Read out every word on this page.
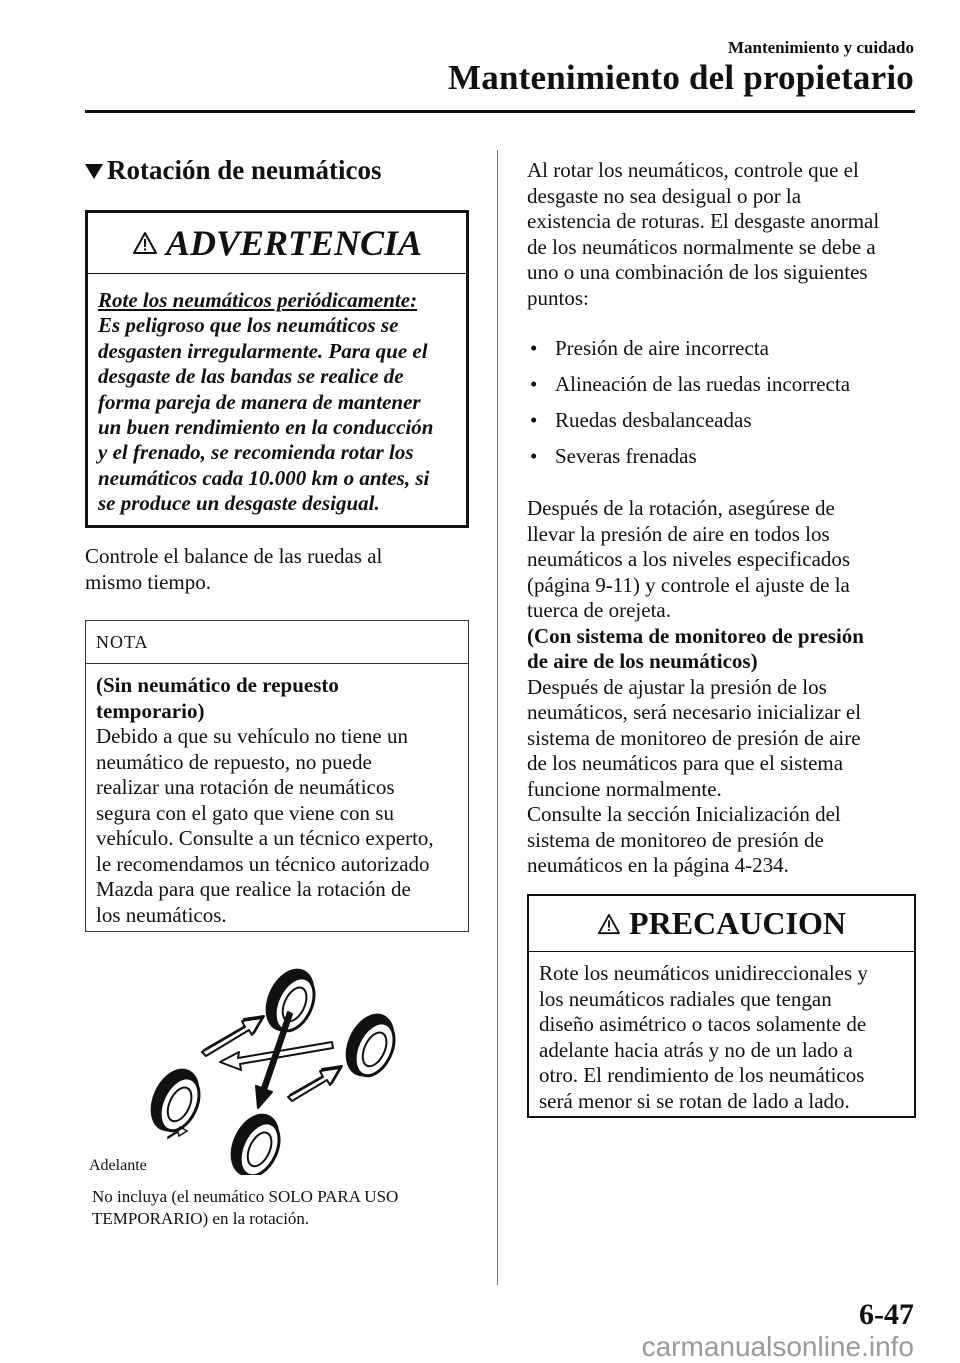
Mantenimiento y cuidado
Mantenimiento del propietario
Rotación de neumáticos
ADVERTENCIA
Rote los neumáticos periódicamente:
Es peligroso que los neumáticos se
desgasten irregularmente. Para que el
desgaste de las bandas se realice de
forma pareja de manera de mantener
un buen rendimiento en la conducción
y el frenado, se recomienda rotar los
neumáticos cada 10.000 km o antes, si
se produce un desgaste desigual.
Controle el balance de las ruedas al
mismo tiempo.
NOTA
(Sin neumático de repuesto
temporario)
Debido a que su vehículo no tiene un
neumático de repuesto, no puede
realizar una rotación de neumáticos
segura con el gato que viene con su
vehículo. Consulte a un técnico experto,
le recomendamos un técnico autorizado
Mazda para que realice la rotación de
los neumáticos.
Adelante
No incluya (el neumático SOLO PARA USO
TEMPORARIO) en la rotación.
Al rotar los neumáticos, controle que el
desgaste no sea desigual o por la
existencia de roturas. El desgaste anormal
de los neumáticos normalmente se debe a
uno o una combinación de los siguientes
puntos:
• Presión de aire incorrecta
• Alineación de las ruedas incorrecta
• Ruedas desbalanceadas
• Severas frenadas
Después de la rotación, asegúrese de
llevar la presión de aire en todos los
neumáticos a los niveles especificados
(página 9-11) y controle el ajuste de la
tuerca de orejeta.
(Con sistema de monitoreo de presión
de aire de los neumáticos)
Después de ajustar la presión de los
neumáticos, será necesario inicializar el
sistema de monitoreo de presión de aire
de los neumáticos para que el sistema
funcione normalmente.
Consulte la sección Inicialización del
sistema de monitoreo de presión de
neumáticos en la página 4-234.
PRECAUCION
Rote los neumáticos unidireccionales y
los neumáticos radiales que tengan
diseño asimétrico o tacos solamente de
adelante hacia atrás y no de un lado a
otro. El rendimiento de los neumáticos
será menor si se rotan de lado a lado.
6-47
carmanualsonline.info
